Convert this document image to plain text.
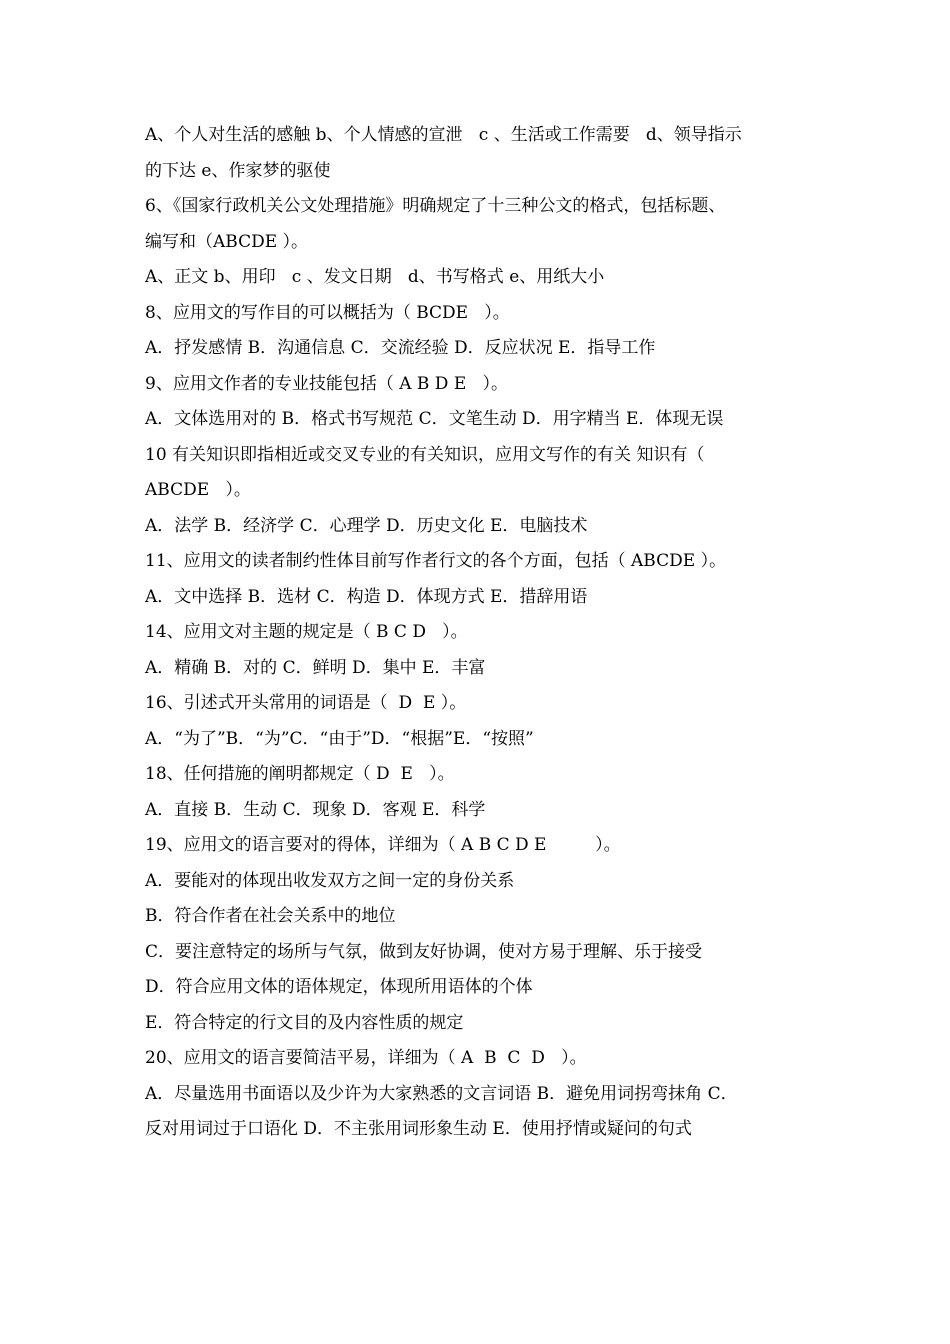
A、个人对生活的感触 b、个人情感的宣泄   c 、生活或工作需要   d、领导指示
的下达 e、作家梦的驱使
6、《国家行政机关公文处理措施》明确规定了十三种公文的格式，包括标题、
编写和（ABCDE ）。
A、正文 b、用印   c 、发文日期   d、书写格式 e、用纸大小
8、应用文的写作目的可以概括为（ BCDE   ）。
A．抒发感情 B．沟通信息 C．交流经验 D．反应状况 E．指导工作
9、应用文作者的专业技能包括（ A B D E   ）。
A．文体选用对的 B．格式书写规范 C．文笔生动 D．用字精当 E．体现无误
10 有关知识即指相近或交叉专业的有关知识，应用文写作的有关 知识有（
ABCDE   ）。
A．法学 B．经济学 C．心理学 D．历史文化 E．电脑技术
11、应用文的读者制约性体目前写作者行文的各个方面，包括（ ABCDE ）。
A．文中选择 B．选材 C．构造 D．体现方式 E．措辞用语
14、应用文对主题的规定是（ B C D   ）。
A．精确 B．对的 C．鲜明 D．集中 E．丰富
16、引述式开头常用的词语是（  D  E ）。
A．“为了”B．“为”C．“由于”D．“根据”E．“按照”
18、任何措施的阐明都规定（ D  E   ）。
A．直接 B．生动 C．现象 D．客观 E．科学
19、应用文的语言要对的得体，详细为（ A B C D E         ）。
A．要能对的体现出收发双方之间一定的身份关系
B．符合作者在社会关系中的地位
C．要注意特定的场所与气氛，做到友好协调，使对方易于理解、乐于接受
D．符合应用文体的语体规定，体现所用语体的个体
E．符合特定的行文目的及内容性质的规定
20、应用文的语言要简洁平易，详细为（ A  B  C  D   ）。
A．尽量选用书面语以及少许为大家熟悉的文言词语 B．避免用词拐弯抹角 C．
反对用词过于口语化 D．不主张用词形象生动 E．使用抒情或疑问的句式
